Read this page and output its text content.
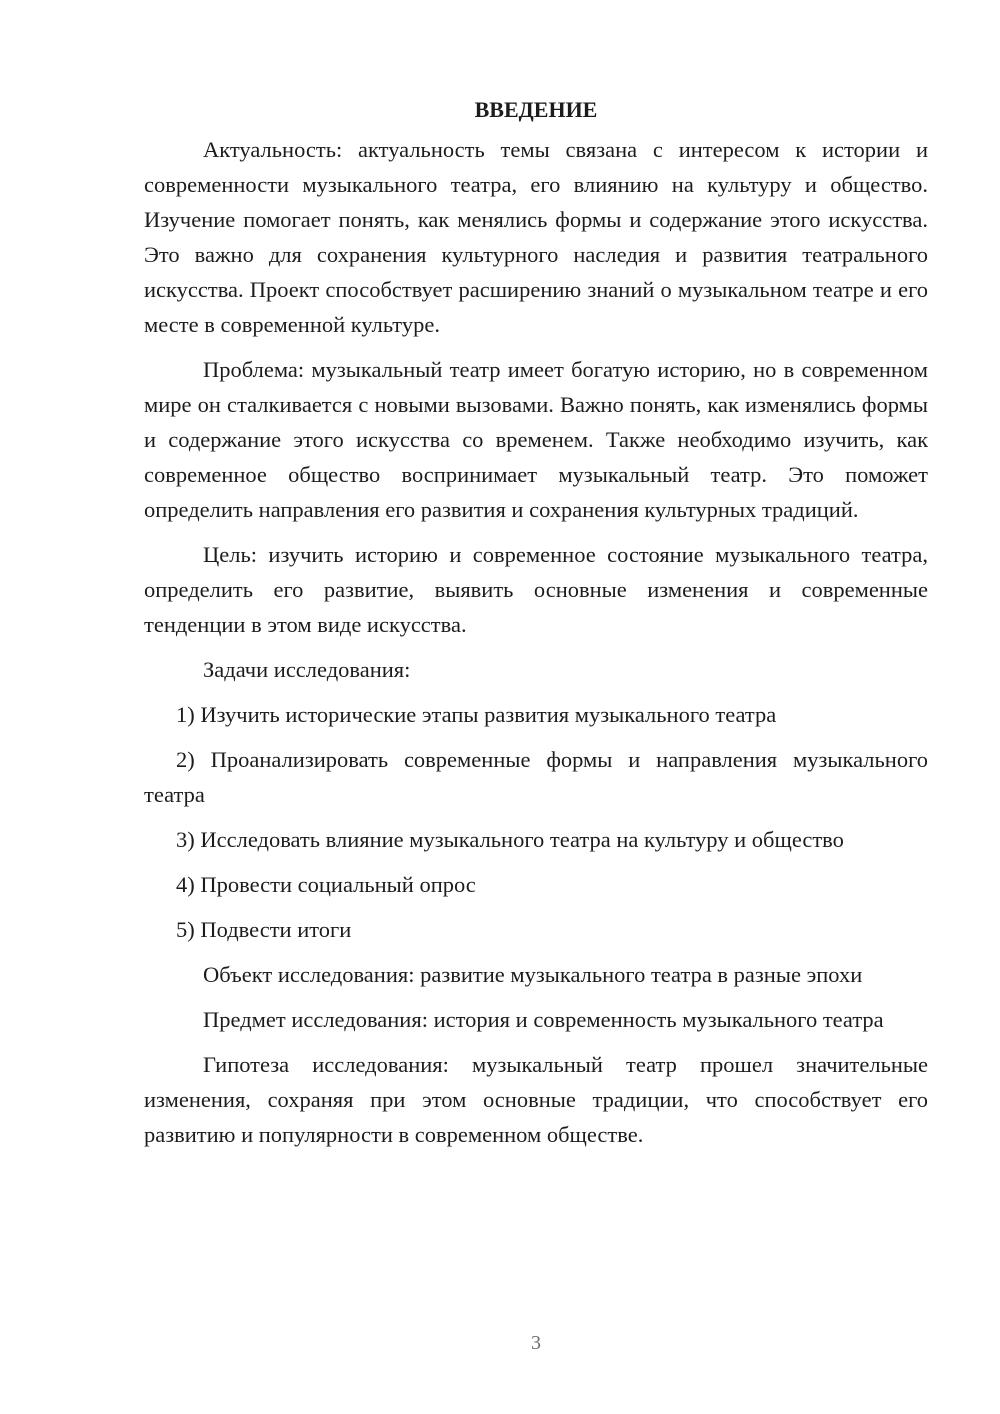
ВВЕДЕНИЕ

Актуальность: актуальность темы связана с интересом к истории и современности музыкального театра, его влиянию на культуру и общество. Изучение помогает понять, как менялись формы и содержание этого искусства. Это важно для сохранения культурного наследия и развития театрального искусства. Проект способствует расширению знаний о музыкальном театре и его месте в современной культуре.

Проблема: музыкальный театр имеет богатую историю, но в современном мире он сталкивается с новыми вызовами. Важно понять, как изменялись формы и содержание этого искусства со временем. Также необходимо изучить, как современное общество воспринимает музыкальный театр. Это поможет определить направления его развития и сохранения культурных традиций.

Цель: изучить историю и современное состояние музыкального театра, определить его развитие, выявить основные изменения и современные тенденции в этом виде искусства.

Задачи исследования:

1) Изучить исторические этапы развития музыкального театра

2) Проанализировать современные формы и направления музыкального театра

3) Исследовать влияние музыкального театра на культуру и общество

4) Провести социальный опрос

5) Подвести итоги

Объект исследования: развитие музыкального театра в разные эпохи

Предмет исследования: история и современность музыкального театра

Гипотеза исследования: музыкальный театр прошел значительные изменения, сохраняя при этом основные традиции, что способствует его развитию и популярности в современном обществе.

3
